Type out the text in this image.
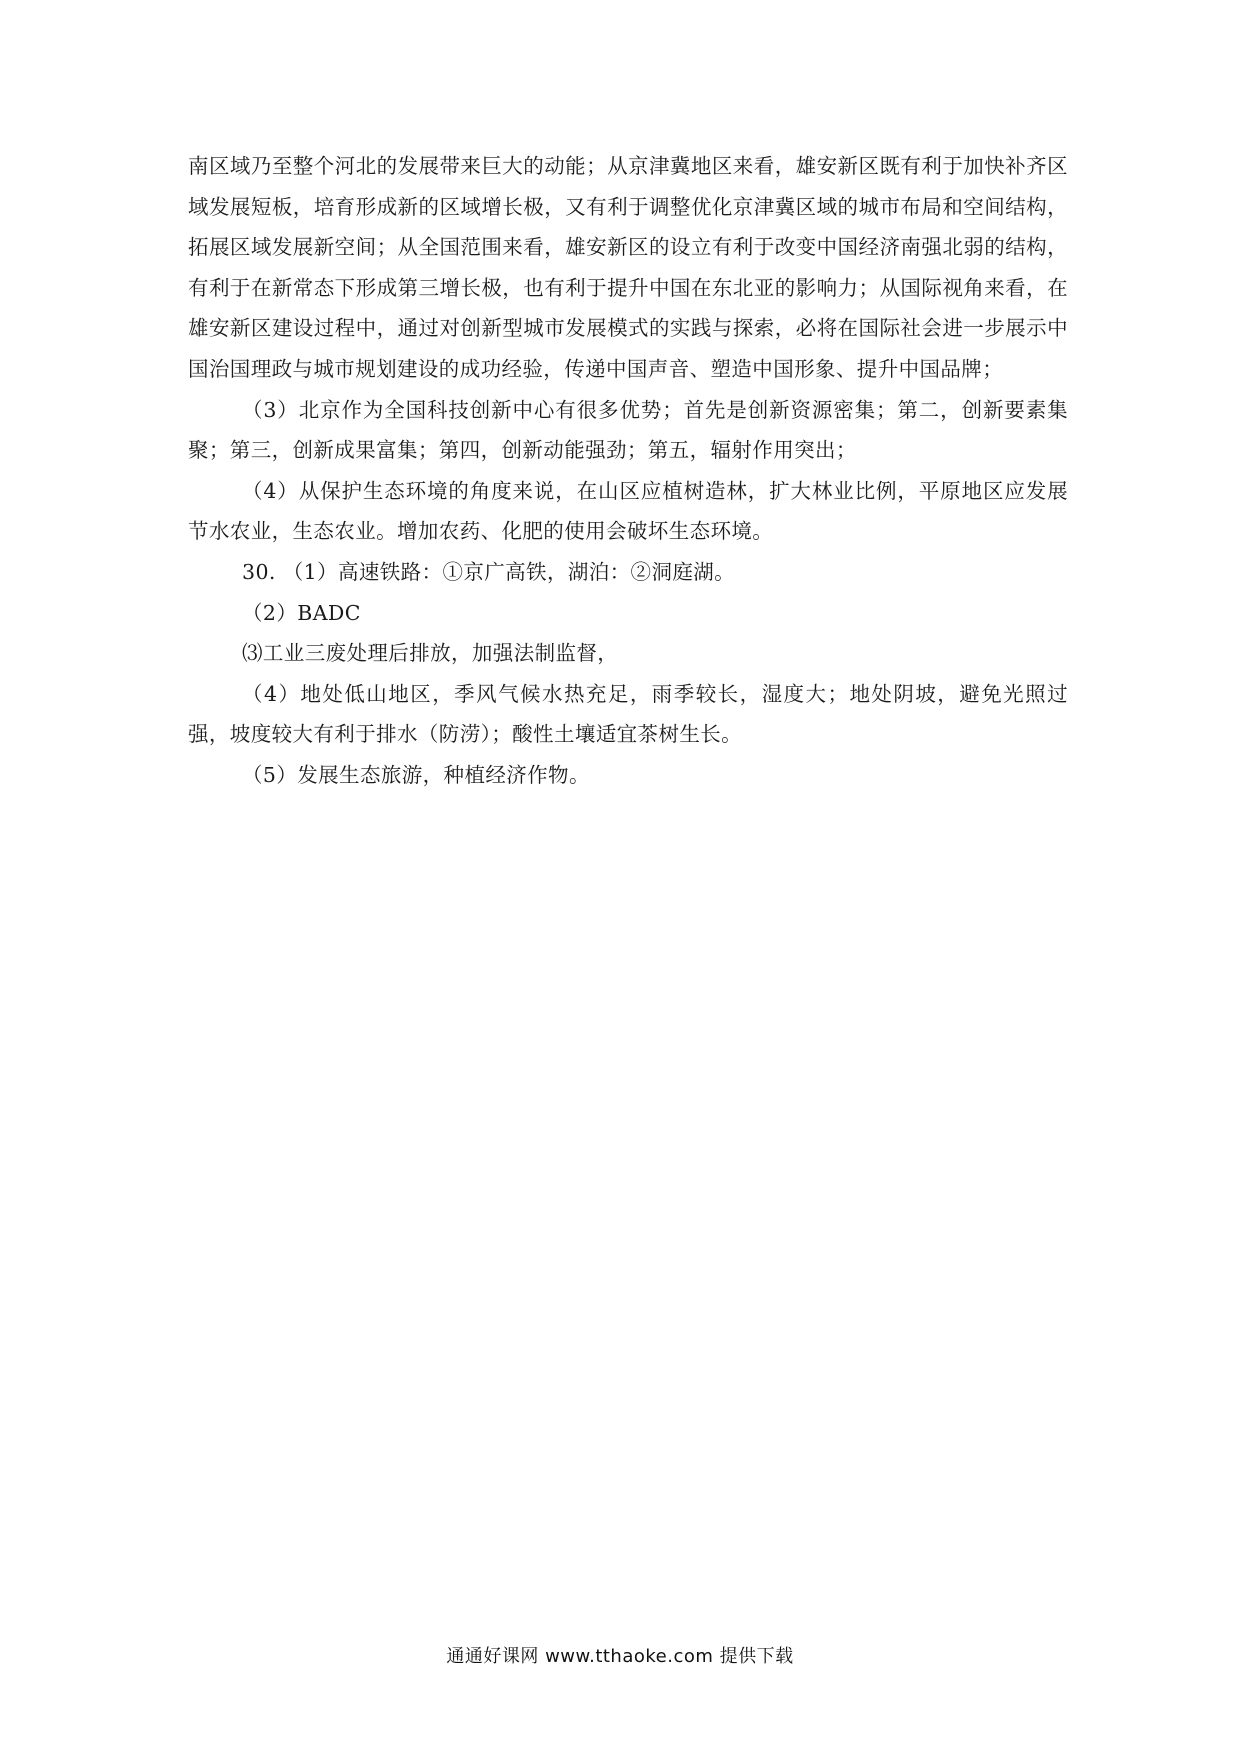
南区域乃至整个河北的发展带来巨大的动能；从京津冀地区来看，雄安新区既有利于加快补齐区域发展短板，培育形成新的区域增长极，又有利于调整优化京津冀区域的城市布局和空间结构，拓展区域发展新空间；从全国范围来看，雄安新区的设立有利于改变中国经济南强北弱的结构，有利于在新常态下形成第三增长极，也有利于提升中国在东北亚的影响力；从国际视角来看，在雄安新区建设过程中，通过对创新型城市发展模式的实践与探索，必将在国际社会进一步展示中国治国理政与城市规划建设的成功经验，传递中国声音、塑造中国形象、提升中国品牌；

（3）北京作为全国科技创新中心有很多优势；首先是创新资源密集；第二，创新要素集聚；第三，创新成果富集；第四，创新动能强劲；第五，辐射作用突出；

（4）从保护生态环境的角度来说，在山区应植树造林，扩大林业比例，平原地区应发展节水农业，生态农业。增加农药、化肥的使用会破坏生态环境。

30. （1）高速铁路：①京广高铁，湖泊：②洞庭湖。

（2）BADC

⑶工业三废处理后排放，加强法制监督，

（4）地处低山地区，季风气候水热充足，雨季较长，湿度大；地处阴坡，避免光照过强，坡度较大有利于排水（防涝）；酸性土壤适宜茶树生长。

（5）发展生态旅游，种植经济作物。

通通好课网 www.tthaoke.com 提供下载
